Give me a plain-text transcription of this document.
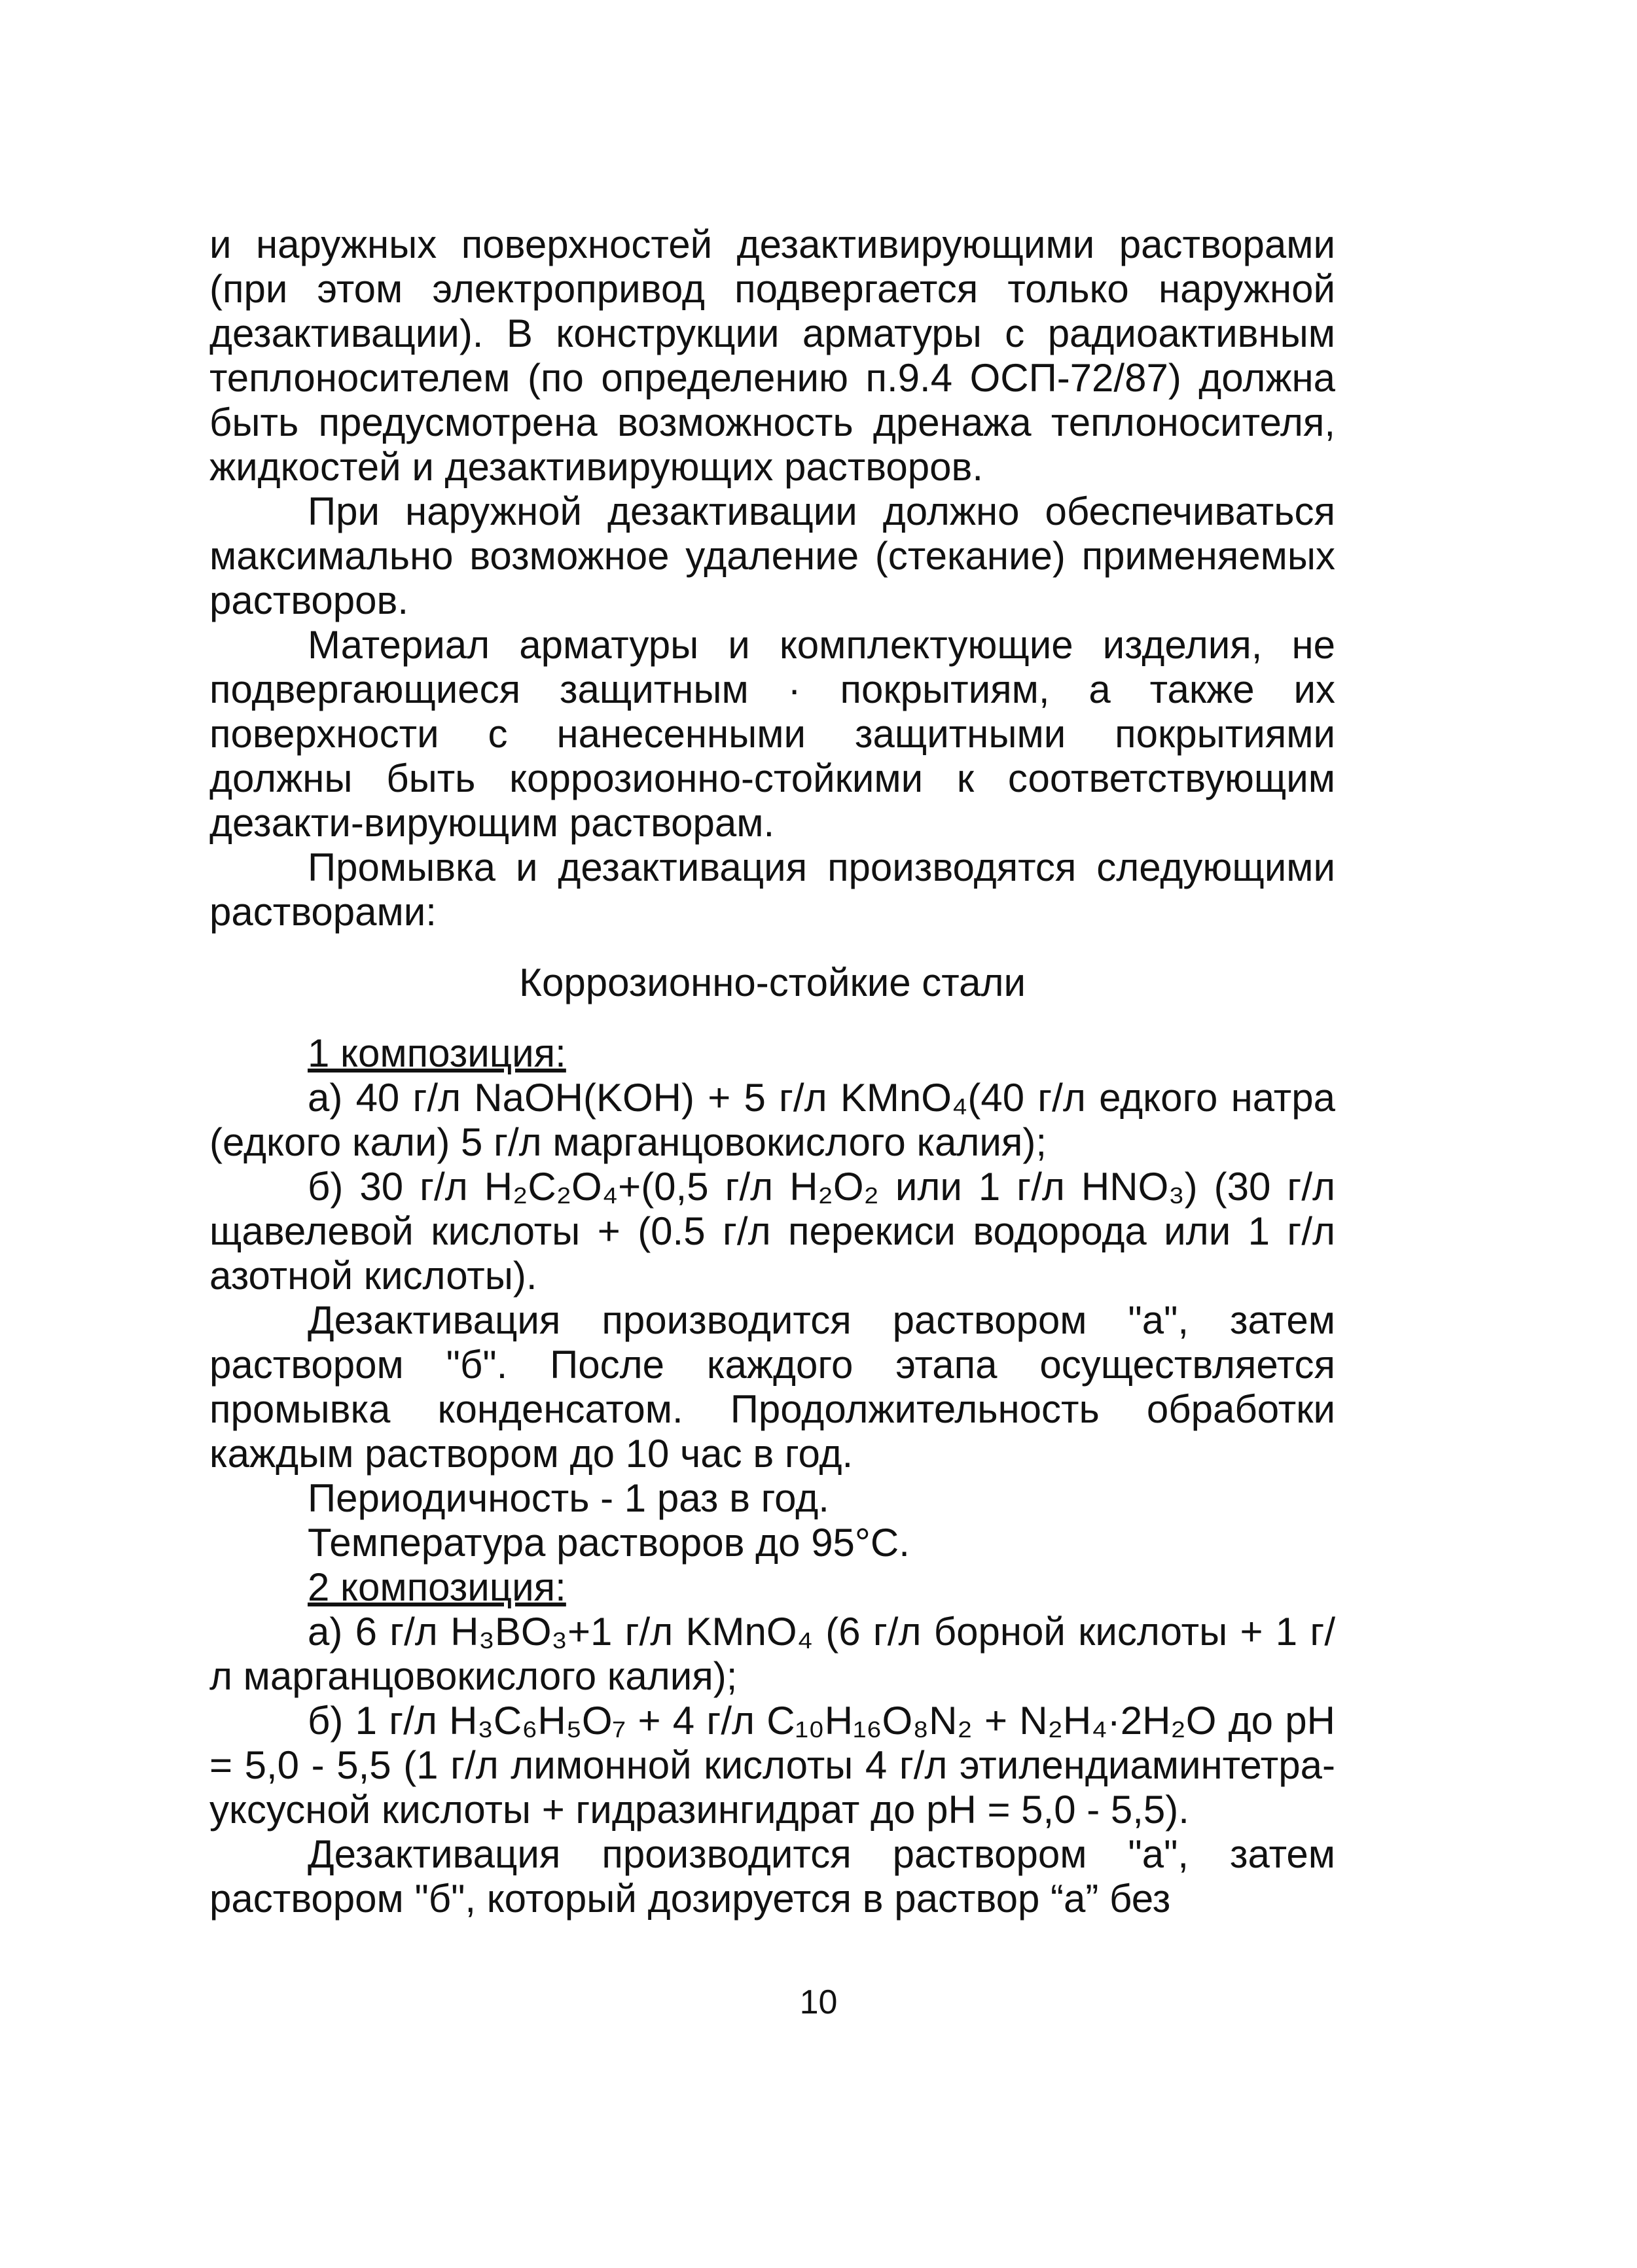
и наружных поверхностей дезактивирующими растворами (при этом электропривод подвергается только наружной дезактивации). В конструкции арматуры с радиоактивным теплоносителем (по определению п.9.4 ОСП-72/87) должна быть предусмотрена возможность дренажа теплоносителя, жидкостей и дезактивирующих растворов.

При наружной дезактивации должно обеспечиваться максимально возможное удаление (стекание) применяемых растворов.

Материал арматуры и комплектующие изделия, не подвергающиеся защитным · покрытиям, а также их поверхности с нанесенными защитными покрытиями должны быть коррозионно-стойкими к соответствующим дезакти-вирующим растворам.

Промывка и дезактивация производятся следующими растворами:

Коррозионно-стойкие стали

1 композиция:

а) 40 г/л NaOH(KOH) + 5 г/л KMnO₄(40 г/л едкого натра (едкого кали) 5 г/л марганцовокислого калия);

б) 30 г/л H₂C₂O₄+(0,5 г/л H₂O₂ или 1 г/л HNO₃) (30 г/л щавелевой кислоты + (0.5 г/л перекиси водорода или 1 г/л азотной кислоты).

Дезактивация производится раствором "а", затем раствором "б". После каждого этапа осуществляется промывка конденсатом. Продолжительность обработки каждым раствором до 10 час в год.

Периодичность - 1 раз в год.

Температура растворов до 95°С.

2 композиция:

а) 6 г/л H₃BO₃+1 г/л KMnO₄ (6 г/л борной кислоты + 1 г/л марганцовокислого калия);

б) 1 г/л H₃C₆H₅O₇ + 4 г/л C₁₀H₁₆O₈N₂ + N₂H₄·2H₂O до pH = 5,0 - 5,5 (1 г/л лимонной кислоты 4 г/л этилендиаминтетра-уксусной кислоты + гидразингидрат до pH = 5,0 - 5,5).

Дезактивация производится раствором "а", затем раствором "б", который дозируется в раствор “а” без

10
